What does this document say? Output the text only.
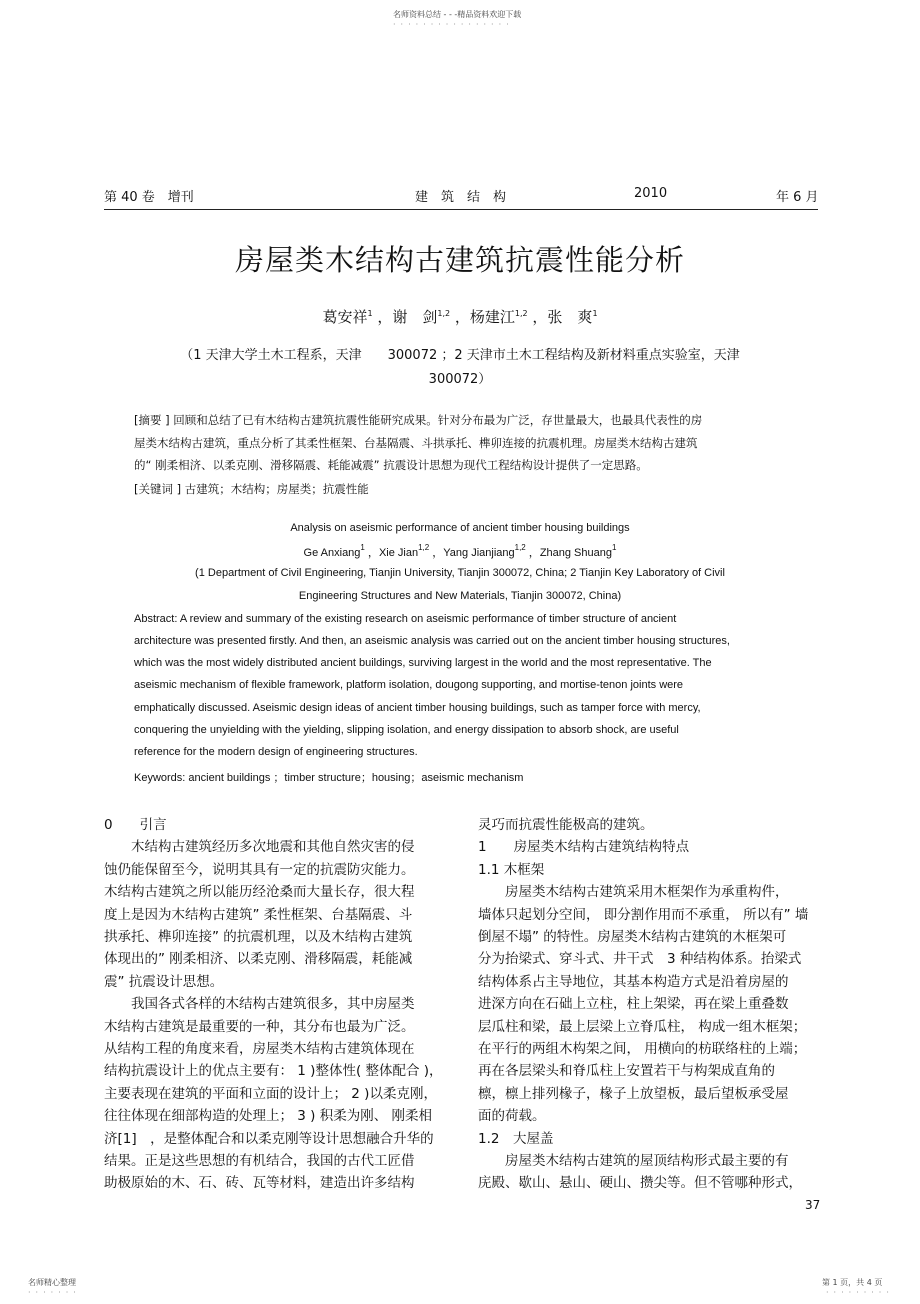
名师资料总结 - - -精品资料欢迎下载
················
第 40 卷　增刊	建　筑　结　构	2010	年 6 月
房屋类木结构古建筑抗震性能分析
葛安祥$^1$ ，谢　剑$^{1,2}$ ，杨建江$^{1,2}$ ，张　爽$^1$
（1 天津大学土木工程系，天津　　300072 ；2 天津市土木工程结构及新材料重点实验室，天津
300072）
[摘要 ] 回顾和总结了已有木结构古建筑抗震性能研究成果。针对分布最为广泛，存世量最大，也最具代表性的房
屋类木结构古建筑，重点分析了其柔性框架、台基隔震、斗拱承托、榫卯连接的抗震机理。房屋类木结构古建筑
的“ 刚柔相济、以柔克刚、滑移隔震、耗能减震” 抗震设计思想为现代工程结构设计提供了一定思路。
[关键词 ] 古建筑；木结构；房屋类；抗震性能
Analysis on aseismic performance of ancient timber housing buildings
Ge Anxiang$^1$ ，Xie Jian$^{1,2}$ ，Yang Jianjiang$^{1,2}$ ，Zhang Shuang$^1$
(1 Department of Civil Engineering, Tianjin University, Tianjin 300072, China; 2 Tianjin Key Laboratory of Civil
Engineering Structures and New Materials, Tianjin 300072, China)
Abstract: A review and summary of the existing research on aseismic performance of timber structure of ancient
architecture was presented firstly. And then, an aseismic analysis was carried out on the ancient timber housing structures,
which was the most widely distributed ancient buildings, surviving largest in the world and the most representative. The
aseismic mechanism of flexible framework, platform isolation, dougong supporting, and mortise-tenon joints were
emphatically discussed. Aseismic design ideas of ancient timber housing buildings, such as tamper force with mercy,
conquering the unyielding with the yielding, slipping isolation, and energy dissipation to absorb shock, are useful
reference for the modern design of engineering structures.
Keywords: ancient buildings ；timber structure；housing；aseismic mechanism
0　　引言
　　木结构古建筑经历多次地震和其他自然灾害的侵
蚀仍能保留至今，说明其具有一定的抗震防灾能力。
木结构古建筑之所以能历经沧桑而大量长存，很大程
度上是因为木结构古建筑” 柔性框架、台基隔震、斗
拱承托、榫卯连接” 的抗震机理，以及木结构古建筑
体现出的” 刚柔相济、以柔克刚、滑移隔震，耗能减
震” 抗震设计思想。
　　我国各式各样的木结构古建筑很多，其中房屋类
木结构古建筑是最重要的一种，其分布也最为广泛。
从结构工程的角度来看，房屋类木结构古建筑体现在
结构抗震设计上的优点主要有： 1 )整体性( 整体配合 )，
主要表现在建筑的平面和立面的设计上； 2 )以柔克刚，
往往体现在细部构造的处理上； 3 ) 积柔为刚、 刚柔相
济[1]　，是整体配合和以柔克刚等设计思想融合升华的
结果。正是这些思想的有机结合，我国的古代工匠借
助极原始的木、石、砖、瓦等材料，建造出许多结构
灵巧而抗震性能极高的建筑。
1　　房屋类木结构古建筑结构特点
1.1 木框架
　　房屋类木结构古建筑采用木框架作为承重构件，
墙体只起划分空间， 即分割作用而不承重， 所以有” 墙
倒屋不塌” 的特性。房屋类木结构古建筑的木框架可
分为抬梁式、穿斗式、井干式　3 种结构体系。抬梁式
结构体系占主导地位，其基本构造方式是沿着房屋的
进深方向在石础上立柱，柱上架梁，再在梁上重叠数
层瓜柱和梁，最上层梁上立脊瓜柱， 构成一组木框架；
在平行的两组木构架之间， 用横向的枋联络柱的上端；
再在各层梁头和脊瓜柱上安置若干与构架成直角的
檩，檩上排列椽子，椽子上放望板，最后望板承受屋
面的荷载。
1.2　大屋盖
　　房屋类木结构古建筑的屋顶结构形式最主要的有
庑殿、歇山、悬山、硬山、攒尖等。但不管哪种形式，
37
名师精心整理
·······
第 1 页，共 4 页
·········
